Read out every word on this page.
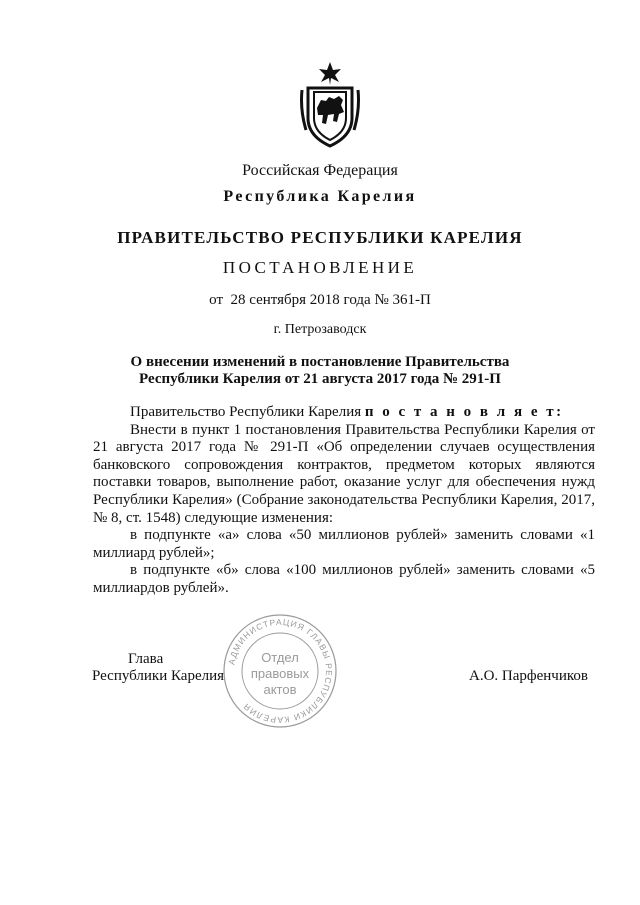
Российская Федерация
Республика Карелия
ПРАВИТЕЛЬСТВО РЕСПУБЛИКИ КАРЕЛИЯ
ПОСТАНОВЛЕНИЕ
от  28 сентября 2018 года № 361-П
г. Петрозаводск
О внесении изменений в постановление Правительства
Республики Карелия от 21 августа 2017 года № 291-П

Правительство Республики Карелия п о с т а н о в л я е т:

Внести в пункт 1 постановления Правительства Республики Карелия от 21 августа 2017 года № 291-П «Об определении случаев осуществления банковского сопровождения контрактов, предметом которых являются поставки товаров, выполнение работ, оказание услуг для обеспечения нужд Республики Карелия» (Собрание законодательства Республики Карелия, 2017, № 8, ст. 1548) следующие изменения:

в подпункте «а» слова «50 миллионов рублей» заменить словами «1 миллиард рублей»;

в подпункте «б» слова «100 миллионов рублей» заменить словами «5 миллиардов рублей».

Глава
Республики Карелия	А.О. Парфенчиков
АДМИНИСТРАЦИЯ ГЛАВЫ РЕСПУБЛИКИ КАРЕЛИЯ
Отдел
правовых
актов
